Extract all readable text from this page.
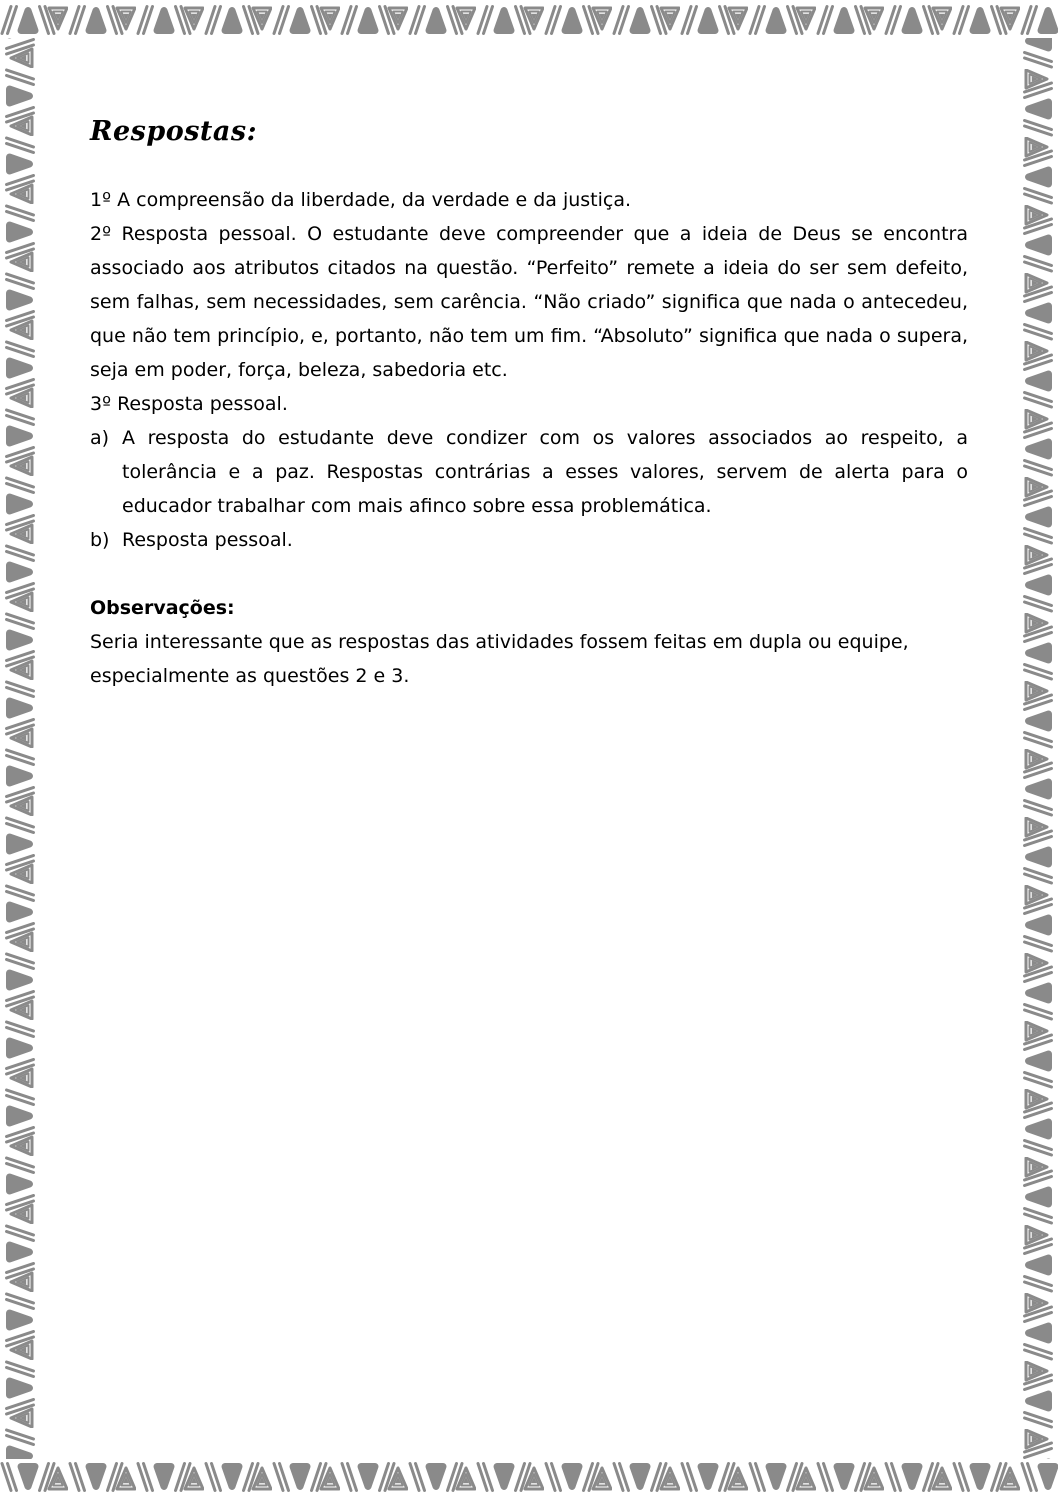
Respostas:

1º A compreensão da liberdade, da verdade e da justiça.

2º Resposta pessoal. O estudante deve compreender que a ideia de Deus se encontra associado aos atributos citados na questão. “Perfeito” remete a ideia do ser sem defeito, sem falhas, sem necessidades, sem carência. “Não criado” significa que nada o antecedeu, que não tem princípio, e, portanto, não tem um fim. “Absoluto” significa que nada o supera, seja em poder, força, beleza, sabedoria etc.

3º Resposta pessoal.

a) A resposta do estudante deve condizer com os valores associados ao respeito, a tolerância e a paz. Respostas contrárias a esses valores, servem de alerta para o educador trabalhar com mais afinco sobre essa problemática.
b) Resposta pessoal.

Observações:

Seria interessante que as respostas das atividades fossem feitas em dupla ou equipe, especialmente as questões 2 e 3.
